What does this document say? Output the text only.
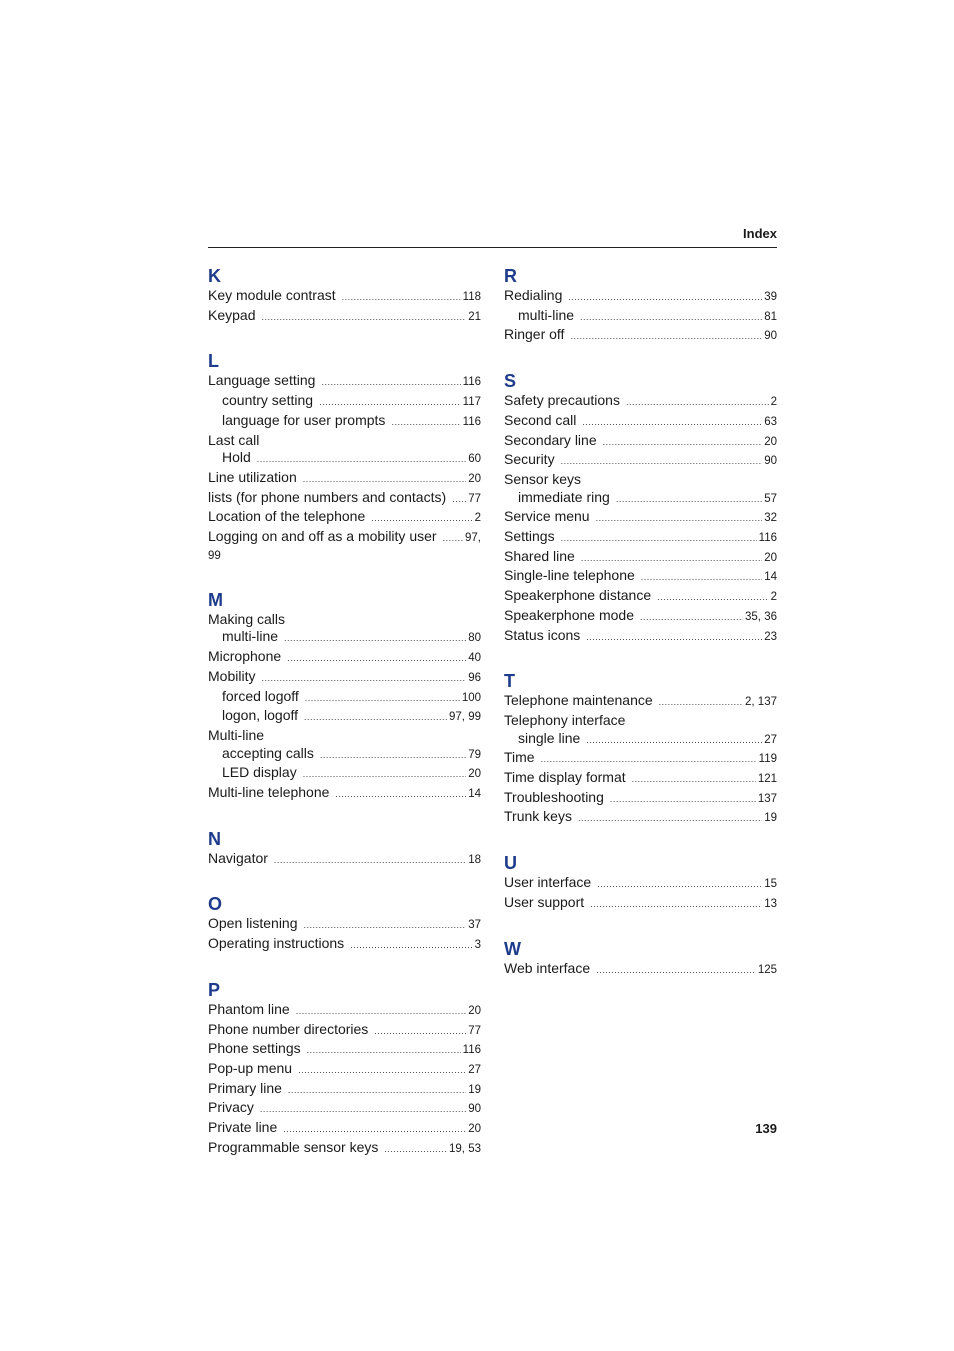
Index
K
Key module contrast .....	118
Keypad .....	21
L
Language setting .....	116
country setting .....	117
language for user prompts .....	116
Last call
Hold .....	60
Line utilization .....	20
lists (for phone numbers and contacts) ..... 77
Location of the telephone .....	2
Logging on and off as a mobility user ..... 97,
99
M
Making calls
multi-line .....	80
Microphone .....	40
Mobility .....	96
forced logoff .....	100
logon, logoff .....	97, 99
Multi-line
accepting calls .....	79
LED display .....	20
Multi-line telephone .....	14
N
Navigator .....	18
O
Open listening .....	37
Operating instructions .....	3
P
Phantom line .....	20
Phone number directories .....	77
Phone settings .....	116
Pop-up menu .....	27
Primary line .....	19
Privacy .....	90
Private line .....	20
Programmable sensor keys .....	19, 53
R
Redialing .....	39
multi-line .....	81
Ringer off .....	90
S
Safety precautions .....	2
Second call .....	63
Secondary line .....	20
Security .....	90
Sensor keys
immediate ring .....	57
Service menu .....	32
Settings .....	116
Shared line .....	20
Single-line telephone .....	14
Speakerphone distance .....	2
Speakerphone mode .....	35, 36
Status icons .....	23
T
Telephone maintenance .....	2, 137
Telephony interface
single line .....	27
Time .....	119
Time display format .....	121
Troubleshooting .....	137
Trunk keys .....	19
U
User interface .....	15
User support .....	13
W
Web interface .....	125
139
